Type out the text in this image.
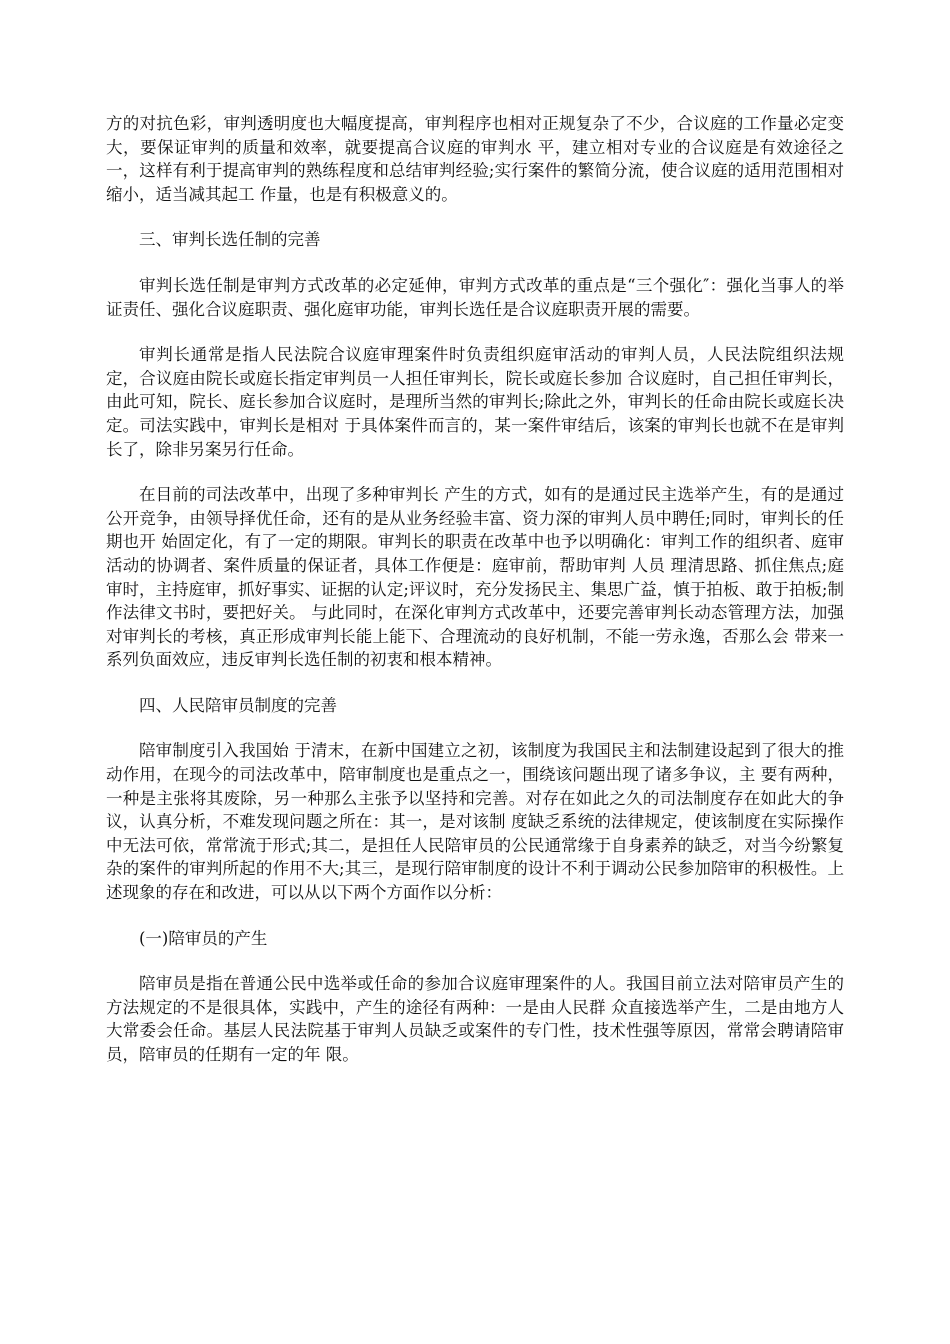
方的对抗色彩，审判透明度也大幅度提高，审判程序也相对正规复杂了不少，合议庭的工作量必定变大，要保证审判的质量和效率，就要提高合议庭的审判水 平，建立相对专业的合议庭是有效途径之一，这样有利于提高审判的熟练程度和总结审判经验;实行案件的繁简分流，使合议庭的适用范围相对缩小，适当减其起工 作量，也是有积极意义的。

三、审判长选任制的完善

审判长选任制是审判方式改革的必定延伸，审判方式改革的重点是“三个强化″：强化当事人的举证责任、强化合议庭职责、强化庭审功能，审判长选任是合议庭职责开展的需要。

审判长通常是指人民法院合议庭审理案件时负责组织庭审活动的审判人员，人民法院组织法规定，合议庭由院长或庭长指定审判员一人担任审判长，院长或庭长参加 合议庭时，自己担任审判长，由此可知，院长、庭长参加合议庭时，是理所当然的审判长;除此之外，审判长的任命由院长或庭长决定。司法实践中，审判长是相对 于具体案件而言的，某一案件审结后，该案的审判长也就不在是审判长了，除非另案另行任命。

在目前的司法改革中，出现了多种审判长 产生的方式，如有的是通过民主选举产生，有的是通过公开竞争，由领导择优任命，还有的是从业务经验丰富、资力深的审判人员中聘任;同时，审判长的任期也开 始固定化，有了一定的期限。审判长的职责在改革中也予以明确化：审判工作的组织者、庭审活动的协调者、案件质量的保证者，具体工作便是：庭审前，帮助审判 人员 理清思路、抓住焦点;庭审时，主持庭审，抓好事实、证据的认定;评议时，充分发扬民主、集思广益，慎于拍板、敢于拍板;制作法律文书时，要把好关。 与此同时，在深化审判方式改革中，还要完善审判长动态管理方法，加强对审判长的考核，真正形成审判长能上能下、合理流动的良好机制，不能一劳永逸，否那么会 带来一系列负面效应，违反审判长选任制的初衷和根本精神。

四、人民陪审员制度的完善

陪审制度引入我国始 于清末，在新中国建立之初，该制度为我国民主和法制建设起到了很大的推动作用，在现今的司法改革中，陪审制度也是重点之一，围绕该问题出现了诸多争议，主 要有两种，一种是主张将其废除，另一种那么主张予以坚持和完善。对存在如此之久的司法制度存在如此大的争议，认真分析，不难发现问题之所在：其一，是对该制 度缺乏系统的法律规定，使该制度在实际操作中无法可依，常常流于形式;其二，是担任人民陪审员的公民通常缘于自身素养的缺乏，对当今纷繁复杂的案件的审判所起的作用不大;其三，是现行陪审制度的设计不利于调动公民参加陪审的积极性。上述现象的存在和改进，可以从以下两个方面作以分析：

(一)陪审员的产生

陪审员是指在普通公民中选举或任命的参加合议庭审理案件的人。我国目前立法对陪审员产生的方法规定的不是很具体，实践中，产生的途径有两种：一是由人民群 众直接选举产生，二是由地方人大常委会任命。基层人民法院基于审判人员缺乏或案件的专门性，技术性强等原因，常常会聘请陪审员，陪审员的任期有一定的年 限。
